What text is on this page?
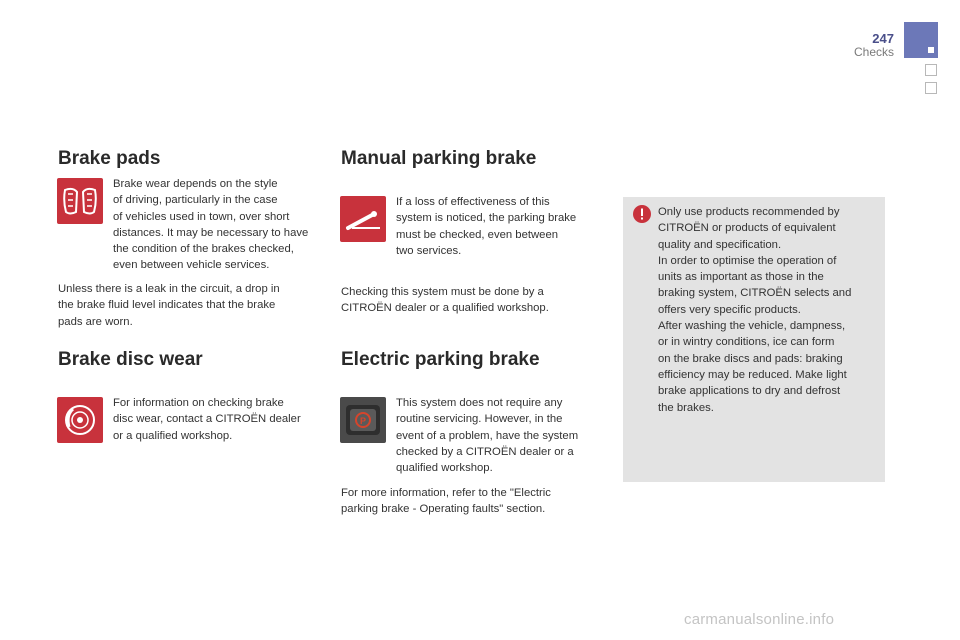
247
Checks
Brake pads
Brake wear depends on the style
of driving, particularly in the case
of vehicles used in town, over short
distances. It may be necessary to have
the condition of the brakes checked,
even between vehicle services.
Unless there is a leak in the circuit, a drop in
the brake fluid level indicates that the brake
pads are worn.
Brake disc wear
For information on checking brake
disc wear, contact a CITROËN dealer
or a qualified workshop.
Manual parking brake
If a loss of effectiveness of this
system is noticed, the parking brake
must be checked, even between
two services.
Checking this system must be done by a
CITROËN dealer or a qualified workshop.
Electric parking brake
P
This system does not require any
routine servicing. However, in the
event of a problem, have the system
checked by a CITROËN dealer or a
qualified workshop.
For more information, refer to the "Electric
parking brake - Operating faults" section.
Only use products recommended by
CITROËN or products of equivalent
quality and specification.
In order to optimise the operation of
units as important as those in the
braking system, CITROËN selects and
offers very specific products.
After washing the vehicle, dampness,
or in wintry conditions, ice can form
on the brake discs and pads: braking
efficiency may be reduced. Make light
brake applications to dry and defrost
the brakes.
carmanualsonline.info
